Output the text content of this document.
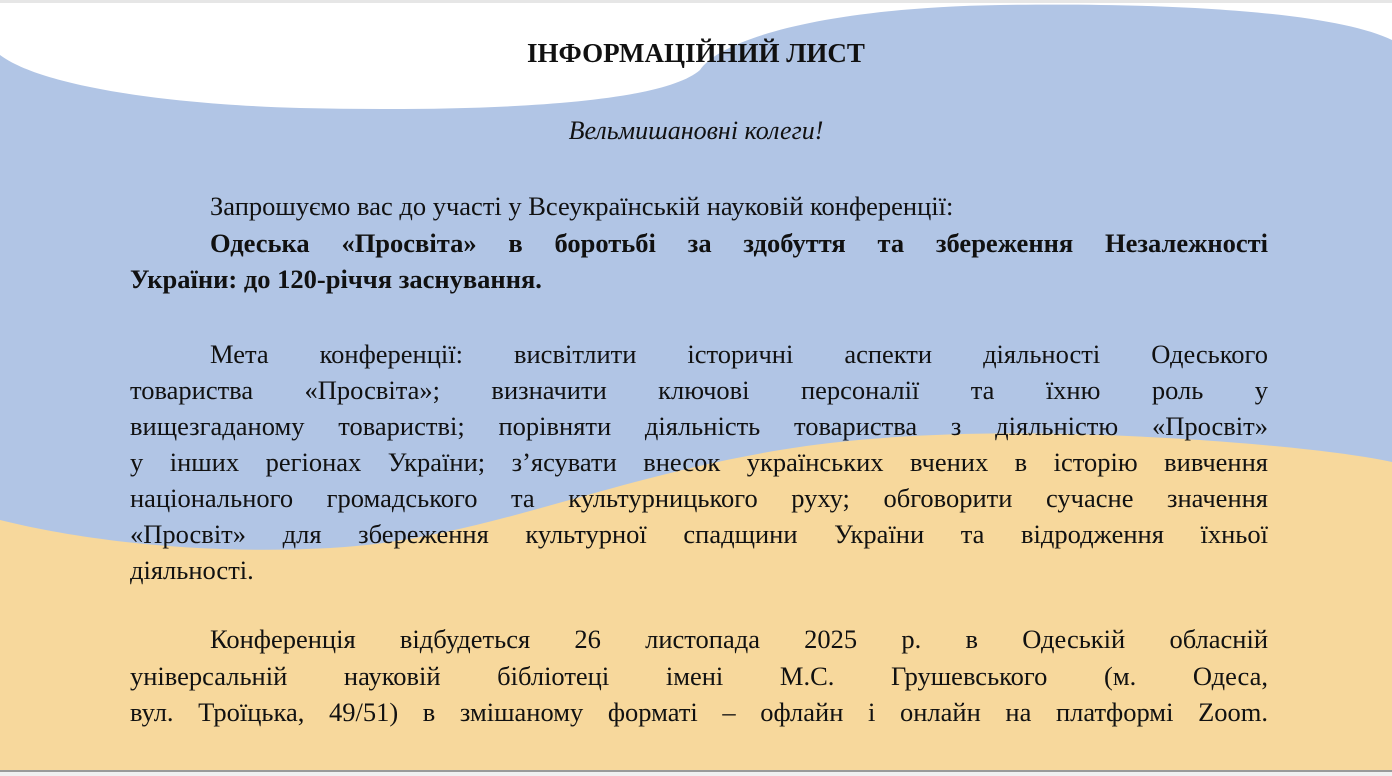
ІНФОРМАЦІЙНИЙ ЛИСТ
Вельмишановні колеги!
Запрошуємо вас до участі у Всеукраїнській науковій конференції:
Одеська «Просвіта» в боротьбі за здобуття та збереження Незалежності
України: до 120-річчя заснування.
Мета конференції: висвітлити історичні аспекти діяльності Одеського
товариства «Просвіта»; визначити ключові персоналії та їхню роль у
вищезгаданому товаристві; порівняти діяльність товариства з діяльністю «Просвіт»
у інших регіонах України; з’ясувати внесок українських вчених в історію вивчення
національного громадського та культурницького руху; обговорити сучасне значення
«Просвіт» для збереження культурної спадщини України та відродження їхньої
діяльності.
Конференція відбудеться 26 листопада 2025 р. в Одеській обласній
універсальній науковій бібліотеці імені М.С. Грушевського (м. Одеса,
вул. Троїцька, 49/51) в змішаному форматі – офлайн і онлайн на платформі Zoom.
